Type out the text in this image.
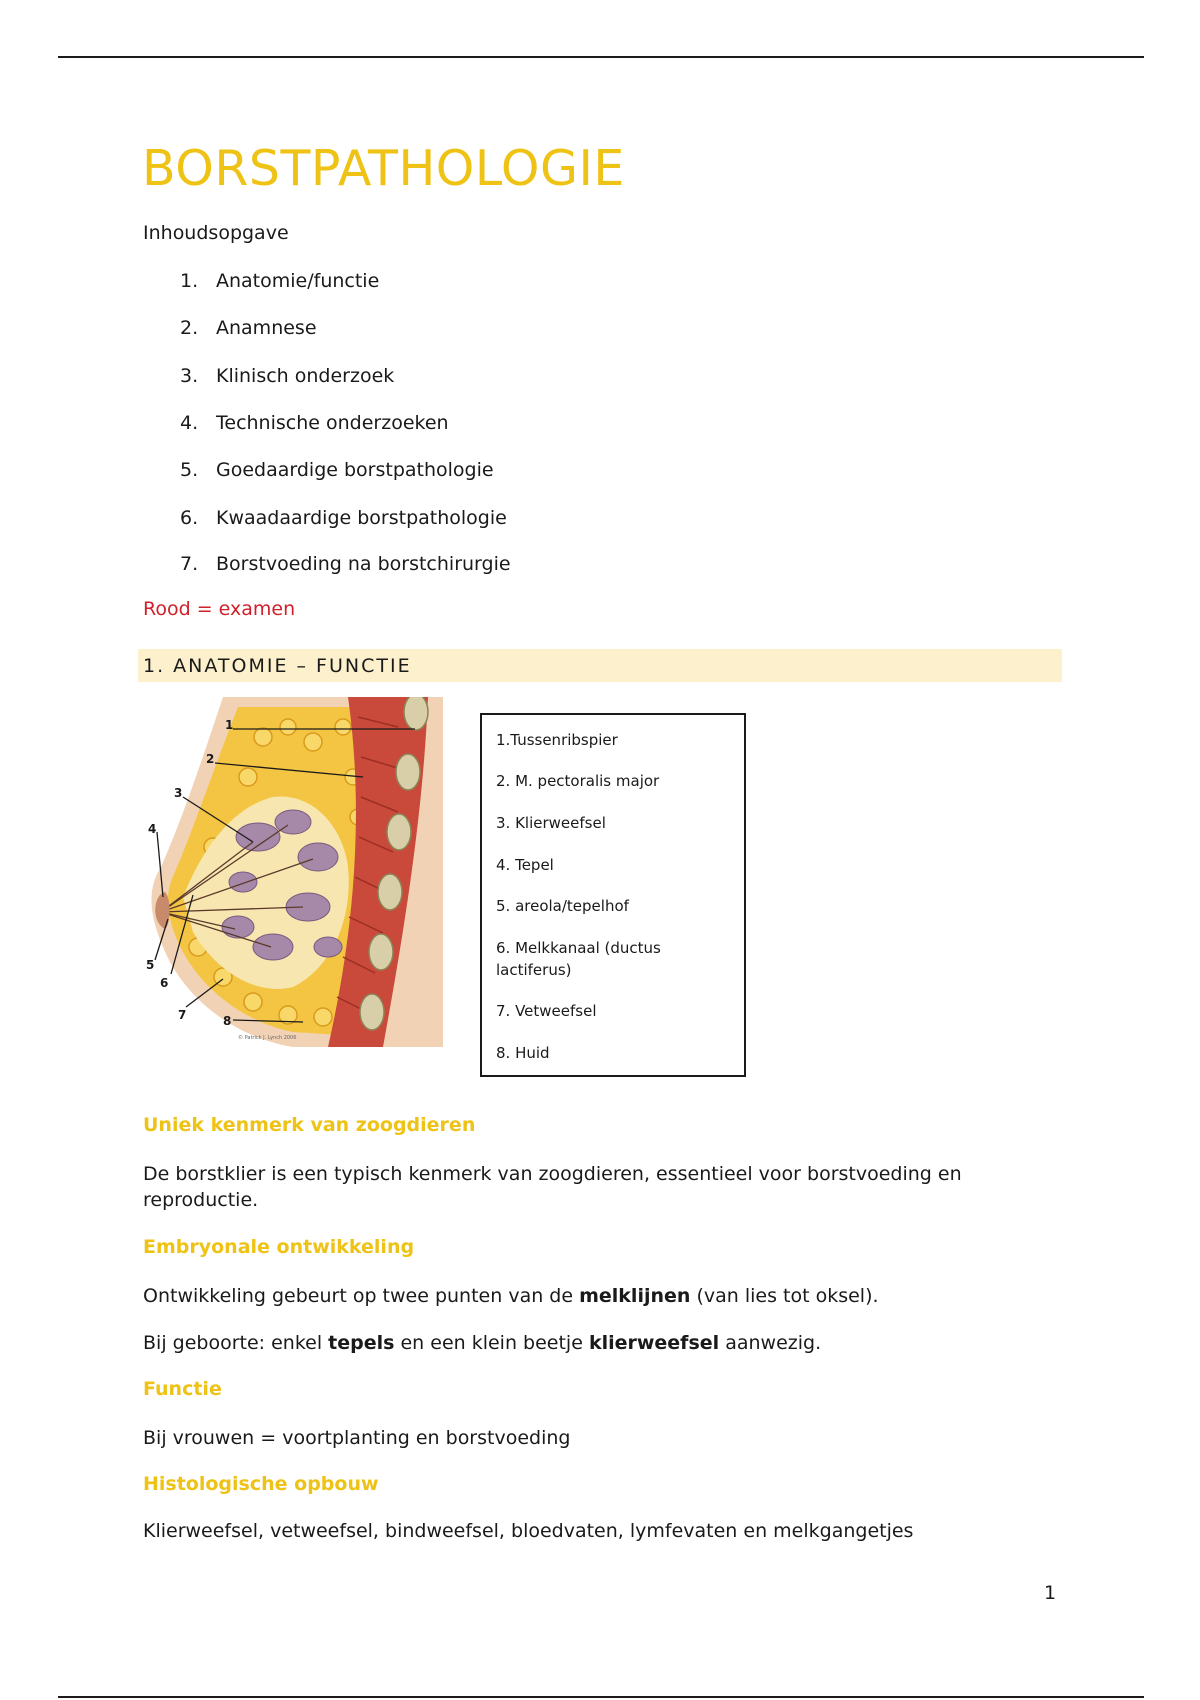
BORSTPATHOLOGIE
Inhoudsopgave
1. Anatomie/functie
2. Anamnese
3. Klinisch onderzoek
4. Technische onderzoeken
5. Goedaardige borstpathologie
6. Kwaadaardige borstpathologie
7. Borstvoeding na borstchirurgie
Rood = examen
1. ANATOMIE – FUNCTIE
1
2
3
4
5
6
7	8
© Patrick J. Lynch 2006
1.Tussenribspier
2. M. pectoralis major
3. Klierweefsel
4. Tepel
5. areola/tepelhof
6. Melkkanaal (ductus lactiferus)
7. Vetweefsel
8. Huid
Uniek kenmerk van zoogdieren
De borstklier is een typisch kenmerk van zoogdieren, essentieel voor borstvoeding en reproductie.
Embryonale ontwikkeling
Ontwikkeling gebeurt op twee punten van de melklijnen (van lies tot oksel).
Bij geboorte: enkel tepels en een klein beetje klierweefsel aanwezig.
Functie
Bij vrouwen = voortplanting en borstvoeding
Histologische opbouw
Klierweefsel, vetweefsel, bindweefsel, bloedvaten, lymfevaten en melkgangetjes
1
